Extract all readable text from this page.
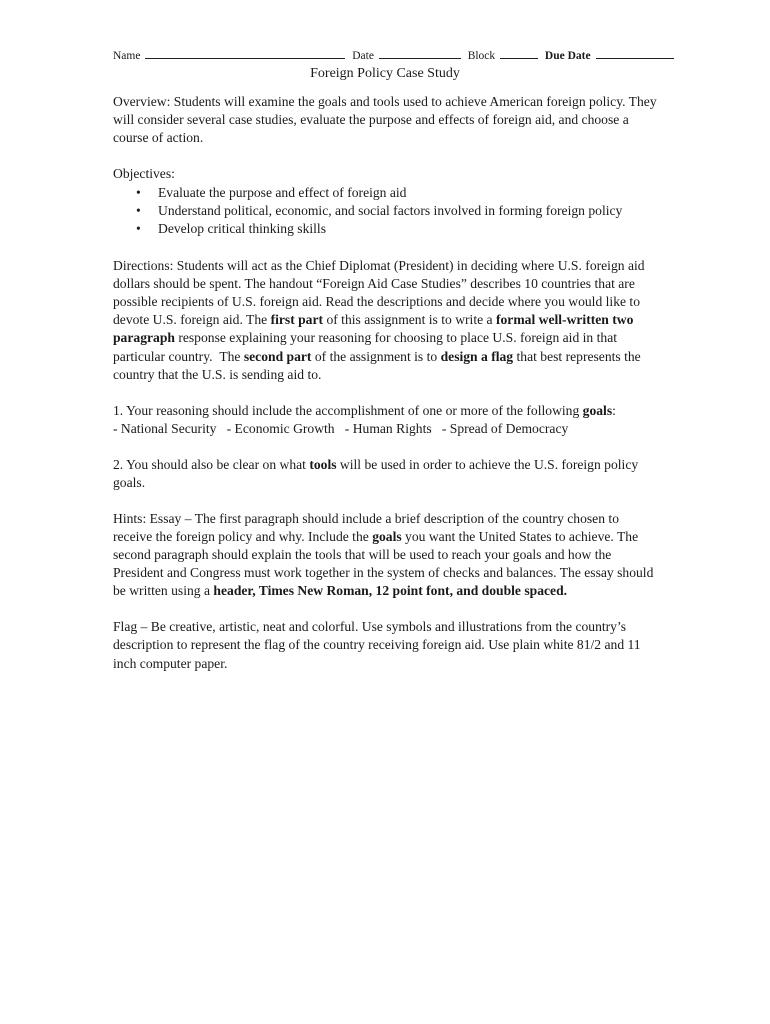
Name	Date	Block	Due Date
Foreign Policy Case Study

Overview: Students will examine the goals and tools used to achieve American foreign policy. They will consider several case studies, evaluate the purpose and effects of foreign aid, and choose a course of action.

Objectives:

• Evaluate the purpose and effect of foreign aid
• Understand political, economic, and social factors involved in forming foreign policy
• Develop critical thinking skills

Directions: Students will act as the Chief Diplomat (President) in deciding where U.S. foreign aid dollars should be spent. The handout “Foreign Aid Case Studies” describes 10 countries that are possible recipients of U.S. foreign aid. Read the descriptions and decide where you would like to devote U.S. foreign aid. The first part of this assignment is to write a formal well-written two paragraph response explaining your reasoning for choosing to place U.S. foreign aid in that particular country.  The second part of the assignment is to design a flag that best represents the country that the U.S. is sending aid to.

1. Your reasoning should include the accomplishment of one or more of the following goals:
- National Security   - Economic Growth   - Human Rights   - Spread of Democracy

2. You should also be clear on what tools will be used in order to achieve the U.S. foreign policy goals.

Hints: Essay – The first paragraph should include a brief description of the country chosen to receive the foreign policy and why. Include the goals you want the United States to achieve. The second paragraph should explain the tools that will be used to reach your goals and how the President and Congress must work together in the system of checks and balances. The essay should be written using a header, Times New Roman, 12 point font, and double spaced.

Flag – Be creative, artistic, neat and colorful. Use symbols and illustrations from the country’s description to represent the flag of the country receiving foreign aid. Use plain white 81/2 and 11 inch computer paper.
